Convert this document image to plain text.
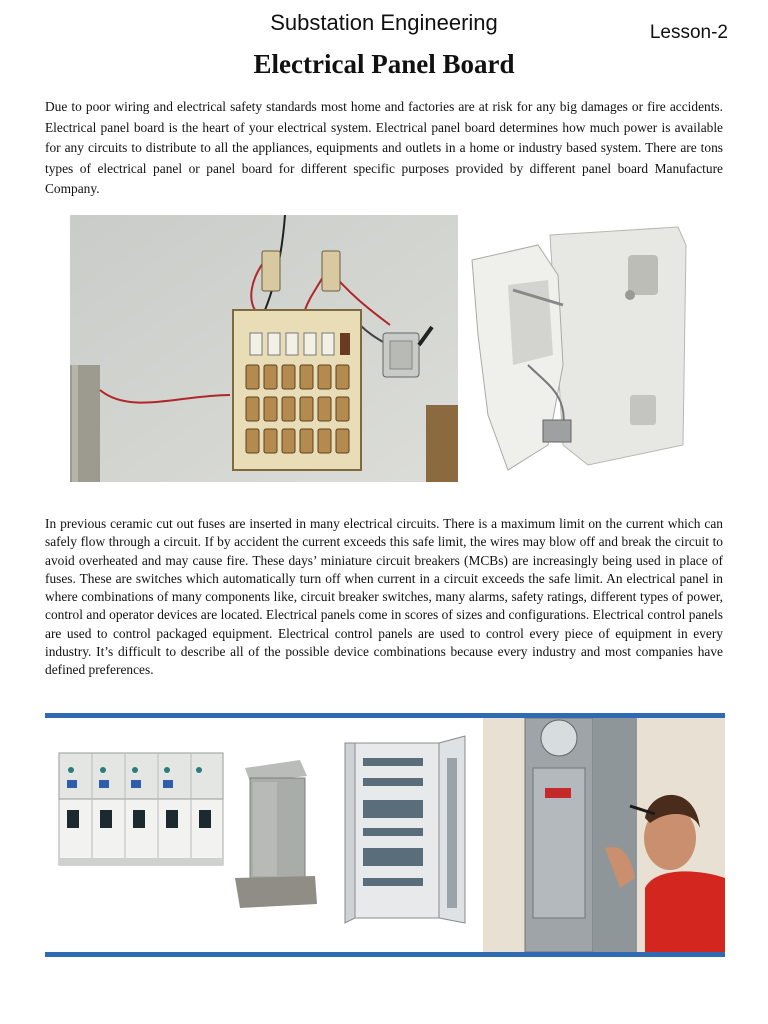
Substation Engineering	Lesson-2
Electrical Panel Board

Due to poor wiring and electrical safety standards most home and factories are at risk for any big damages or fire accidents. Electrical panel board is the heart of your electrical system. Electrical panel board determines how much power is available for any circuits to distribute to all the appliances, equipments and outlets in a home or industry based system. There are tons types of electrical panel or panel board for different specific purposes provided by different panel board Manufacture Company.

In previous ceramic cut out fuses are inserted in many electrical circuits. There is a maximum limit on the current which can safely flow through a circuit. If by accident the current exceeds this safe limit, the wires may blow off and break the circuit to avoid overheated and may cause fire. These days’ miniature circuit breakers (MCBs) are increasingly being used in place of fuses. These are switches which automatically turn off when current in a circuit exceeds the safe limit. An electrical panel in where combinations of many components like, circuit breaker switches, many alarms, safety ratings, different types of power, control and operator devices are located. Electrical panels come in scores of sizes and configurations. Electrical control panels are used to control packaged equipment. Electrical control panels are used to control every piece of equipment in every industry. It’s difficult to describe all of the possible device combinations because every industry and most companies have defined preferences.
